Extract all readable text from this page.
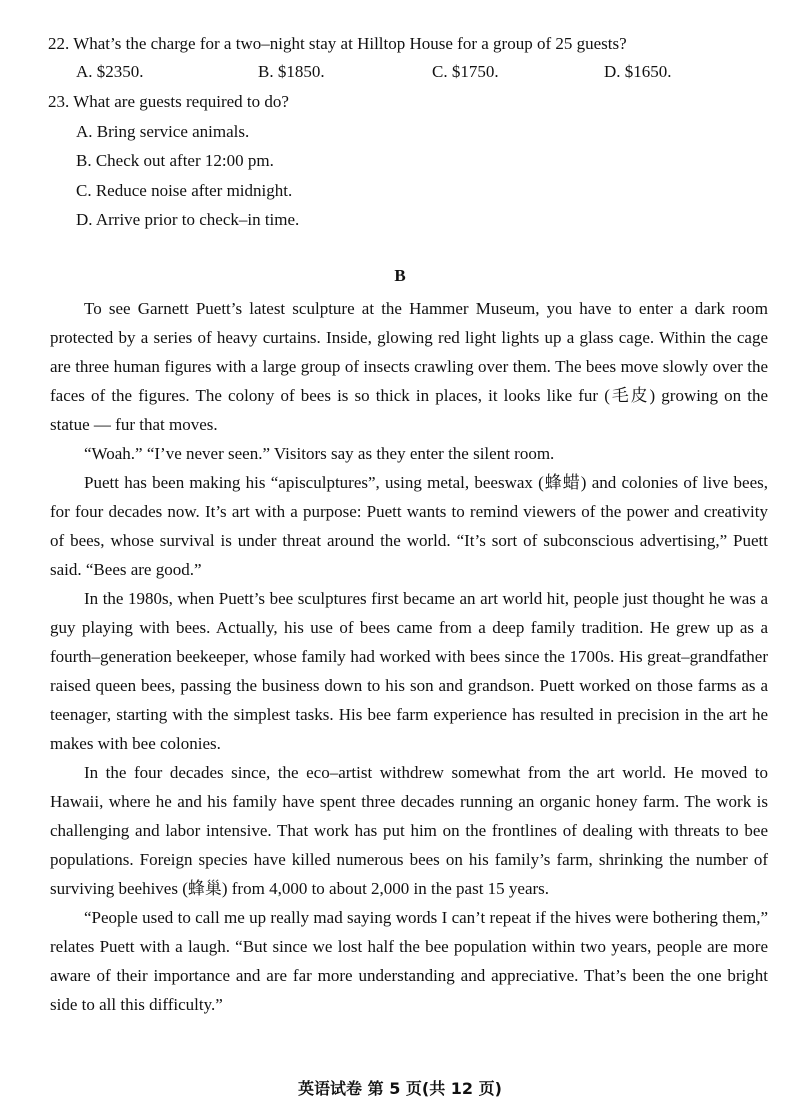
22. What’s the charge for a two–night stay at Hilltop House for a group of 25 guests?
A. $2350.	B. $1850.	C. $1750.	D. $1650.
23. What are guests required to do?
A. Bring service animals.
B. Check out after 12:00 pm.
C. Reduce noise after midnight.
D. Arrive prior to check–in time.
B

To see Garnett Puett’s latest sculpture at the Hammer Museum, you have to enter a dark room protected by a series of heavy curtains. Inside, glowing red light lights up a glass cage. Within the cage are three human figures with a large group of insects crawling over them. The bees move slowly over the faces of the figures. The colony of bees is so thick in places, it looks like fur (毛皮) growing on the statue — fur that moves.

“Woah.” “I’ve never seen.” Visitors say as they enter the silent room.

Puett has been making his “apisculptures”, using metal, beeswax (蜂蜡) and colonies of live bees, for four decades now. It’s art with a purpose: Puett wants to remind viewers of the power and creativity of bees, whose survival is under threat around the world. “It’s sort of subconscious advertising,” Puett said. “Bees are good.”

In the 1980s, when Puett’s bee sculptures first became an art world hit, people just thought he was a guy playing with bees. Actually, his use of bees came from a deep family tradition. He grew up as a fourth–generation beekeeper, whose family had worked with bees since the 1700s. His great–grandfather raised queen bees, passing the business down to his son and grandson. Puett worked on those farms as a teenager, starting with the simplest tasks. His bee farm experience has resulted in precision in the art he makes with bee colonies.

In the four decades since, the eco–artist withdrew somewhat from the art world. He moved to Hawaii, where he and his family have spent three decades running an organic honey farm. The work is challenging and labor intensive. That work has put him on the frontlines of dealing with threats to bee populations. Foreign species have killed numerous bees on his family’s farm, shrinking the number of surviving beehives (蜂巢) from 4,000 to about 2,000 in the past 15 years.

“People used to call me up really mad saying words I can’t repeat if the hives were bothering them,” relates Puett with a laugh. “But since we lost half the bee population within two years, people are more aware of their importance and are far more understanding and appreciative. That’s been the one bright side to all this difficulty.”

英语试卷 第 5 页(共 12 页)
